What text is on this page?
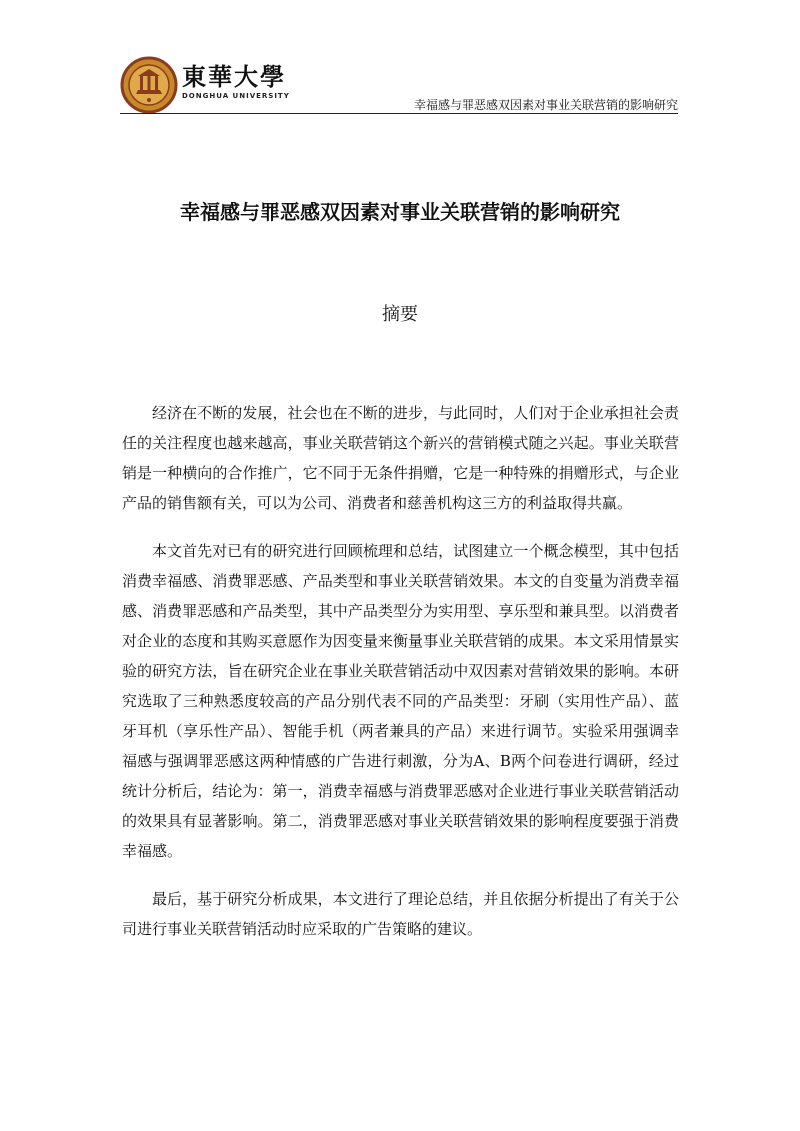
東華大學
DONGHUA UNIVERSITY
幸福感与罪恶感双因素对事业关联营销的影响研究
幸福感与罪恶感双因素对事业关联营销的影响研究
摘要

经济在不断的发展，社会也在不断的进步，与此同时，人们对于企业承担社会责任的关注程度也越来越高，事业关联营销这个新兴的营销模式随之兴起。事业关联营销是一种横向的合作推广，它不同于无条件捐赠，它是一种特殊的捐赠形式，与企业产品的销售额有关，可以为公司、消费者和慈善机构这三方的利益取得共赢。

本文首先对已有的研究进行回顾梳理和总结，试图建立一个概念模型，其中包括消费幸福感、消费罪恶感、产品类型和事业关联营销效果。本文的自变量为消费幸福感、消费罪恶感和产品类型，其中产品类型分为实用型、享乐型和兼具型。以消费者对企业的态度和其购买意愿作为因变量来衡量事业关联营销的成果。本文采用情景实验的研究方法，旨在研究企业在事业关联营销活动中双因素对营销效果的影响。本研究选取了三种熟悉度较高的产品分别代表不同的产品类型：牙刷（实用性产品）、蓝牙耳机（享乐性产品）、智能手机（两者兼具的产品）来进行调节。实验采用强调幸福感与强调罪恶感这两种情感的广告进行刺激，分为A、B两个问卷进行调研，经过统计分析后，结论为：第一，消费幸福感与消费罪恶感对企业进行事业关联营销活动的效果具有显著影响。第二，消费罪恶感对事业关联营销效果的影响程度要强于消费幸福感。

最后，基于研究分析成果，本文进行了理论总结，并且依据分析提出了有关于公司进行事业关联营销活动时应采取的广告策略的建议。
